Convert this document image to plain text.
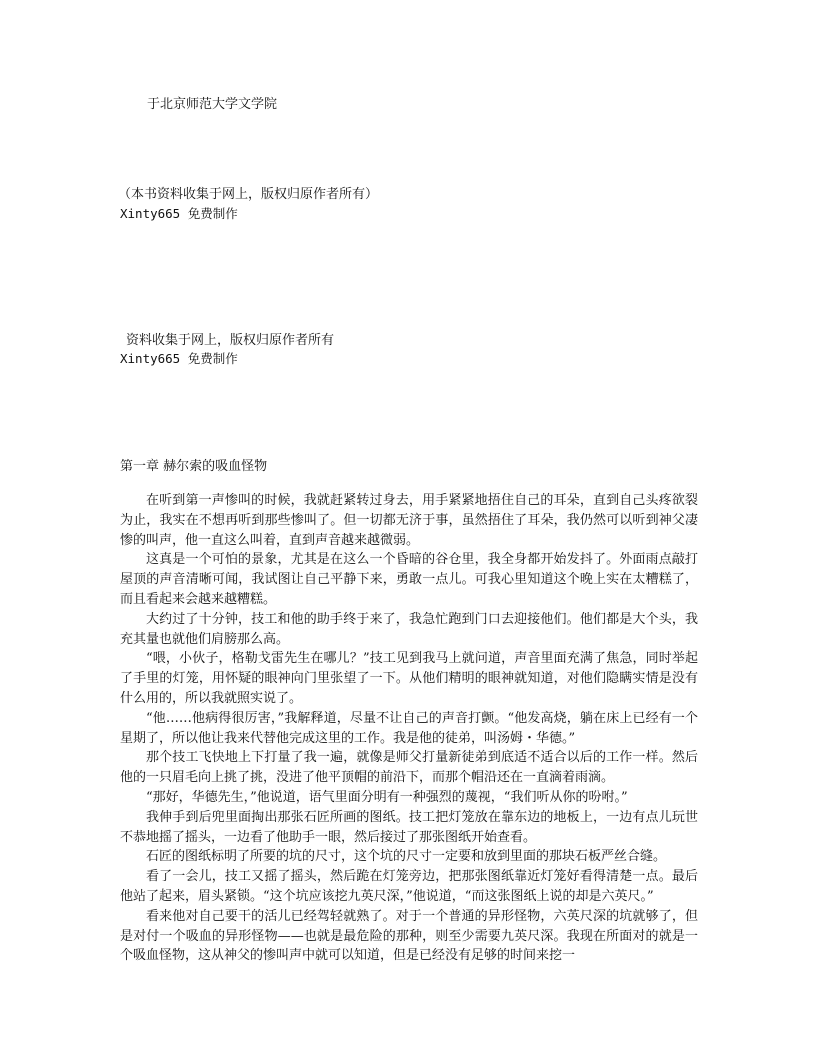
于北京师范大学文学院

（本书资料收集于网上，版权归原作者所有）

Xinty665 免费制作

资料收集于网上，版权归原作者所有

Xinty665 免费制作

第一章 赫尔索的吸血怪物

在听到第一声惨叫的时候，我就赶紧转过身去，用手紧紧地捂住自己的耳朵，直到自己头疼欲裂为止，我实在不想再听到那些惨叫了。但一切都无济于事，虽然捂住了耳朵，我仍然可以听到神父凄惨的叫声，他一直这么叫着，直到声音越来越微弱。

这真是一个可怕的景象，尤其是在这么一个昏暗的谷仓里，我全身都开始发抖了。外面雨点敲打屋顶的声音清晰可闻，我试图让自己平静下来，勇敢一点儿。可我心里知道这个晚上实在太糟糕了，而且看起来会越来越糟糕。

大约过了十分钟，技工和他的助手终于来了，我急忙跑到门口去迎接他们。他们都是大个头，我充其量也就他们肩膀那么高。

“喂，小伙子，格勒戈雷先生在哪儿？”技工见到我马上就问道，声音里面充满了焦急，同时举起了手里的灯笼，用怀疑的眼神向门里张望了一下。从他们精明的眼神就知道，对他们隐瞒实情是没有什么用的，所以我就照实说了。

“他……他病得很厉害，”我解释道，尽量不让自己的声音打颤。“他发高烧，躺在床上已经有一个星期了，所以他让我来代替他完成这里的工作。我是他的徒弟，叫汤姆・华德。”

那个技工飞快地上下打量了我一遍，就像是师父打量新徒弟到底适不适合以后的工作一样。然后他的一只眉毛向上挑了挑，没进了他平顶帽的前沿下，而那个帽沿还在一直滴着雨滴。

“那好，华德先生，”他说道，语气里面分明有一种强烈的蔑视，“我们听从你的吩咐。”

我伸手到后兜里面掏出那张石匠所画的图纸。技工把灯笼放在靠东边的地板上，一边有点儿玩世不恭地摇了摇头，一边看了他助手一眼，然后接过了那张图纸开始查看。

石匠的图纸标明了所要的坑的尺寸，这个坑的尺寸一定要和放到里面的那块石板严丝合缝。

看了一会儿，技工又摇了摇头，然后跪在灯笼旁边，把那张图纸靠近灯笼好看得清楚一点。最后他站了起来，眉头紧锁。“这个坑应该挖九英尺深，”他说道，“而这张图纸上说的却是六英尺。”

看来他对自己要干的活儿已经驾轻就熟了。对于一个普通的异形怪物，六英尺深的坑就够了，但是对付一个吸血的异形怪物——也就是最危险的那种，则至少需要九英尺深。我现在所面对的就是一个吸血怪物，这从神父的惨叫声中就可以知道，但是已经没有足够的时间来挖一
